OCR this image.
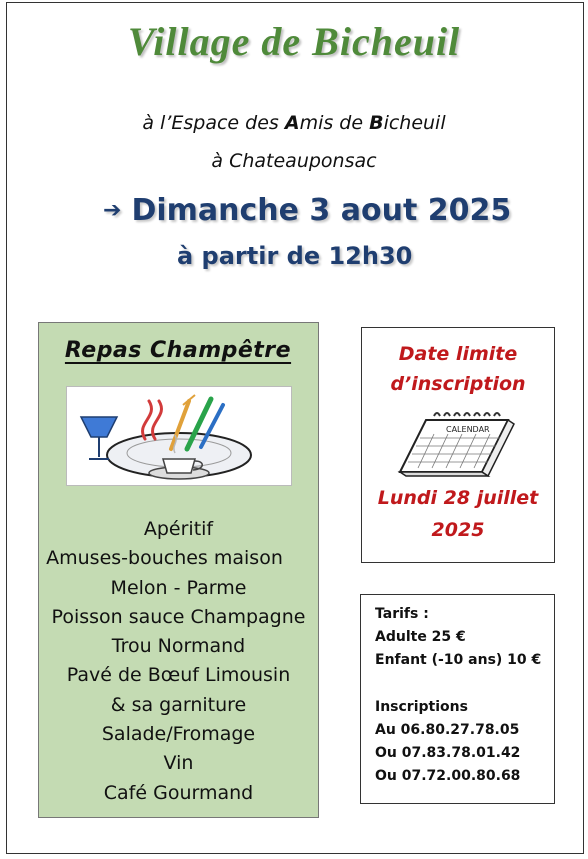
Village de Bicheuil
à l’Espace des Amis de Bicheuil
à Chateauponsac
➔ Dimanche 3 aout 2025
à partir de 12h30
Repas Champêtre
Apéritif
Amuses-bouches maison
Melon - Parme
Poisson sauce Champagne
Trou Normand
Pavé de Bœuf Limousin
& sa garniture
Salade/Fromage
Vin
Café Gourmand
Date limite
d’inscription
CALENDAR
Lundi 28 juillet
2025
Tarifs :
Adulte 25 €
Enfant (-10 ans) 10 €
Inscriptions
Au 06.80.27.78.05
Ou 07.83.78.01.42
Ou 07.72.00.80.68
